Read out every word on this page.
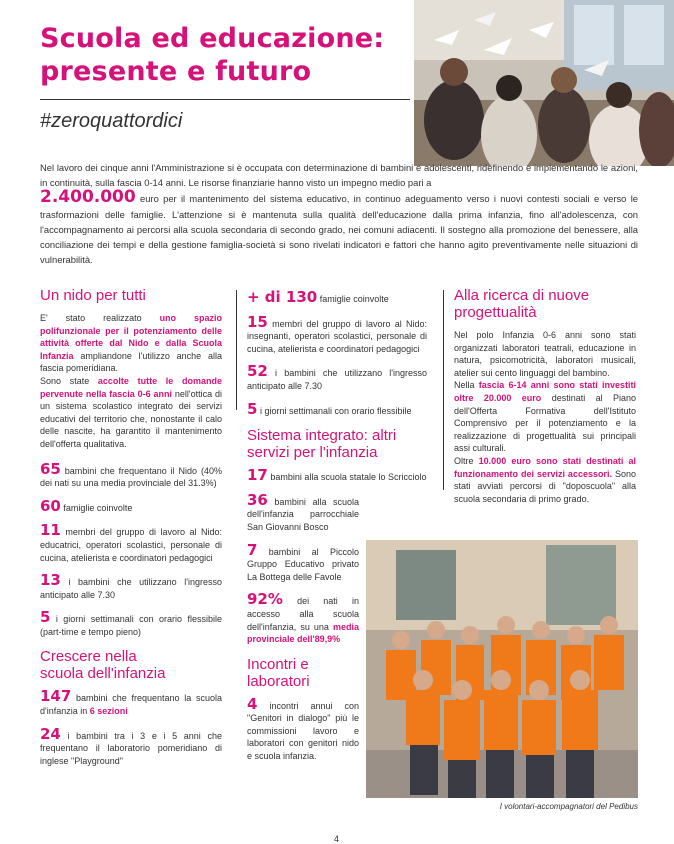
Scuola ed educazione:
presente e futuro
#zeroquattordici
Nel lavoro dei cinque anni l'Amministrazione si è occupata con determinazione di bambini e adolescenti, ridefinendo e implementando le azioni, in continuità, sulla fascia 0-14 anni. Le risorse finanziarie hanno visto un impegno medio pari a
2.400.000 euro per il mantenimento del sistema educativo, in continuo adeguamento verso i nuovi contesti sociali e verso le trasformazioni delle famiglie. L'attenzione si è mantenuta sulla qualità dell'educazione dalla prima infanzia, fino all'adolescenza, con l'accompagnamento ai percorsi alla scuola secondaria di secondo grado, nei comuni adiacenti. Il sostegno alla promozione del benessere, alla conciliazione dei tempi e della gestione famiglia-società si sono rivelati indicatori e fattori che hanno agito preventivamente nelle situazioni di vulnerabilità.
Un nido per tutti

E' stato realizzato uno spazio polifunzionale per il potenziamento delle attività offerte dal Nido e dalla Scuola Infanzia ampliandone l'utilizzo anche alla fascia pomeridiana.

Sono state accolte tutte le domande pervenute nella fascia 0-6 anni nell'ottica di un sistema scolastico integrato dei servizi educativi del territorio che, nonostante il calo delle nascite, ha garantito il mantenimento dell'offerta qualitativa.

65 bambini che frequentano il Nido (40% dei nati su una media provinciale del 31.3%)
60 famiglie coinvolte
11 membri del gruppo di lavoro al Nido: educatrici, operatori scolastici, personale di cucina, atelierista e coordinatori pedagogici
13 i bambini che utilizzano l'ingresso anticipato alle 7.30
5 i giorni settimanali con orario flessibile (part-time e tempo pieno)
Crescere nella
scuola dell'infanzia
147 bambini che frequentano la scuola d'infanzia in 6 sezioni
24 i bambini tra i 3 e i 5 anni che frequentano il laboratorio pomeridiano di inglese "Playground"
+ di 130 famiglie coinvolte
15 membri del gruppo di lavoro al Nido: insegnanti, operatori scolastici, personale di cucina, atelierista e coordinatori pedagogici
52 i bambini che utilizzano l'ingresso anticipato alle 7.30
5 i giorni settimanali con orario flessibile
Sistema integrato: altri servizi per l'infanzia
17 bambini alla scuola statale lo Scricciolo
36 bambini alla scuola dell'infanzia parrocchiale San Giovanni Bosco
7 bambini al Piccolo Gruppo Educativo privato La Bottega delle Favole
92% dei nati in accesso alla scuola dell'infanzia, su una media provinciale dell'89,9%
Incontri e laboratori
4 incontri annui con "Genitori in dialogo" più le commissioni lavoro e laboratori con genitori nido e scuola infanzia.
Alla ricerca di nuove progettualità

Nel polo Infanzia 0-6 anni sono stati organizzati laboratori teatrali, educazione in natura, psicomotricità, laboratori musicali, atelier sui cento linguaggi del bambino.

Nella fascia 6-14 anni sono stati investiti oltre 20.000 euro destinati al Piano dell'Offerta Formativa dell'Istituto Comprensivo per il potenziamento e la realizzazione di progettualità sui principali assi culturali.

Oltre 10.000 euro sono stati destinati al funzionamento dei servizi accessori. Sono stati avviati percorsi di "doposcuola" alla scuola secondaria di primo grado.

I volontari-accompagnatori del Pedibus
4
